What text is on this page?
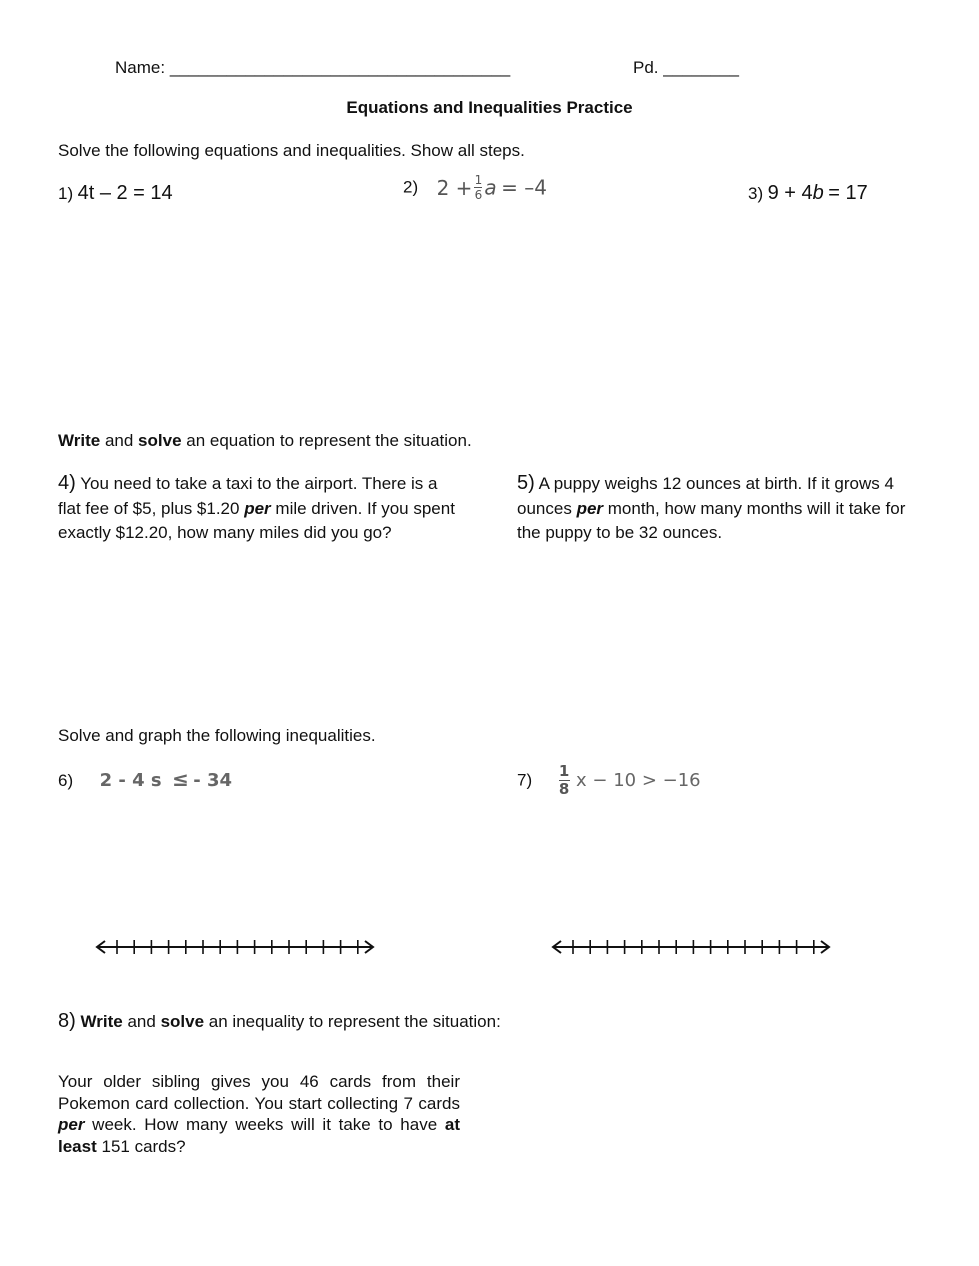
Name: ____________________________________	Pd. ________
Equations and Inequalities Practice
Solve the following equations and inequalities. Show all steps.
1) 4t – 2 = 14	2) $2 + \frac{1}{6}$ a = –4	3) 9 + 4b = 17
Write and solve an equation to represent the situation.
4) You need to take a taxi to the airport. There is a flat fee of $5, plus $1.20 per mile driven. If you spent exactly $12.20, how many miles did you go?
5) A puppy weighs 12 ounces at birth. If it grows 4 ounces per month, how many months will it take for the puppy to be 32 ounces.
Solve and graph the following inequalities.
6) 2 - 4 s ≤ - 34	$7) \frac{1}{8}$ x − 10 > −16
8) Write and solve an inequality to represent the situation:
Your older sibling gives you 46 cards from their Pokemon card collection. You start collecting 7 cards per week. How many weeks will it take to have at least 151 cards?
